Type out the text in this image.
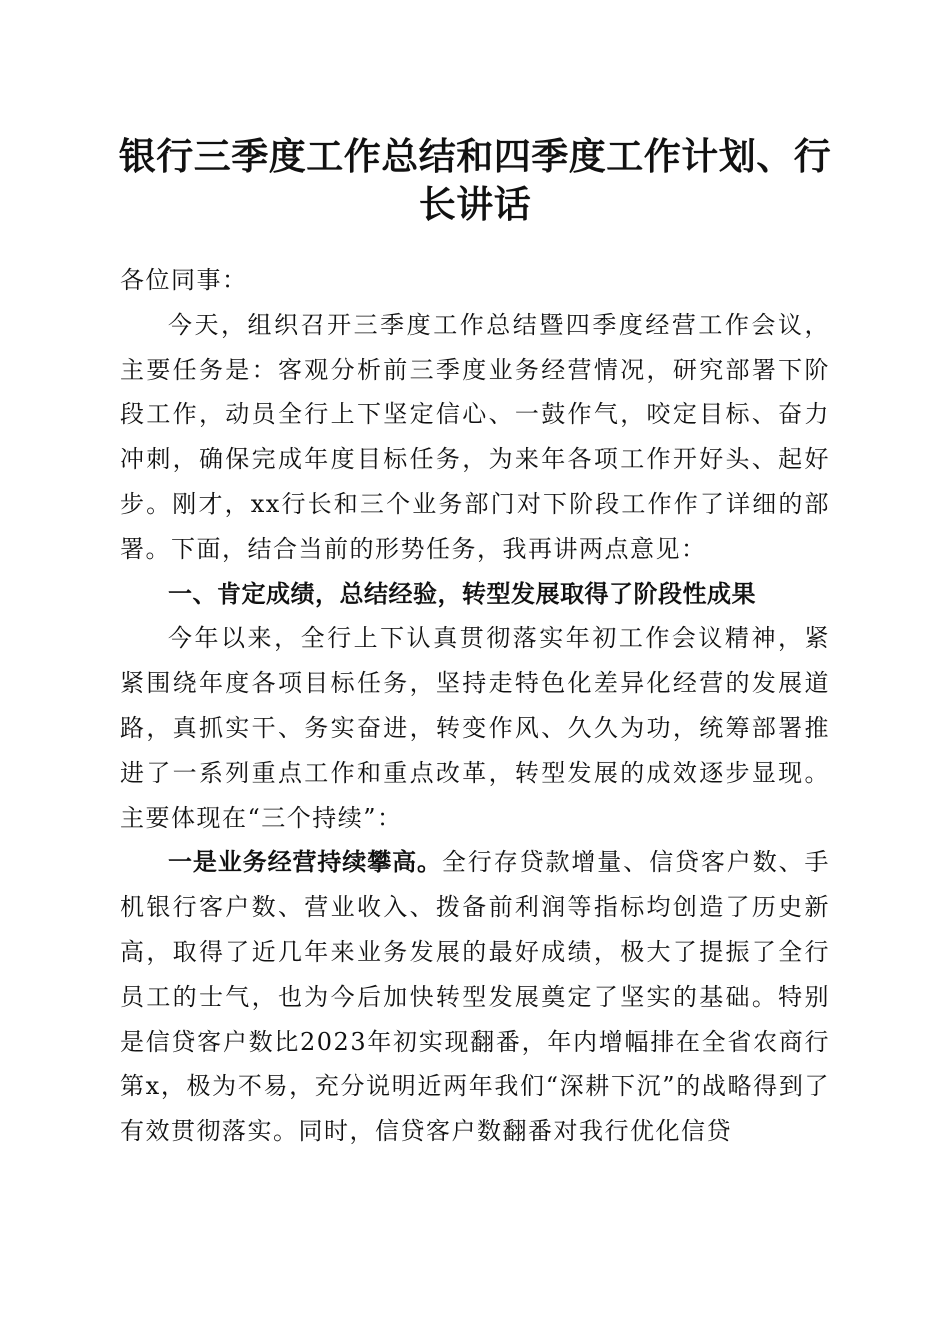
银行三季度工作总结和四季度工作计划、行长讲话

各位同事：

今天，组织召开三季度工作总结暨四季度经营工作会议，主要任务是：客观分析前三季度业务经营情况，研究部署下阶段工作，动员全行上下坚定信心、一鼓作气，咬定目标、奋力冲刺，确保完成年度目标任务，为来年各项工作开好头、起好步。刚才，xx行长和三个业务部门对下阶段工作作了详细的部署。下面，结合当前的形势任务，我再讲两点意见：

一、肯定成绩，总结经验，转型发展取得了阶段性成果

今年以来，全行上下认真贯彻落实年初工作会议精神，紧紧围绕年度各项目标任务，坚持走特色化差异化经营的发展道路，真抓实干、务实奋进，转变作风、久久为功，统筹部署推进了一系列重点工作和重点改革，转型发展的成效逐步显现。主要体现在“三个持续”：

一是业务经营持续攀高。全行存贷款增量、信贷客户数、手机银行客户数、营业收入、拨备前利润等指标均创造了历史新高，取得了近几年来业务发展的最好成绩，极大了提振了全行员工的士气，也为今后加快转型发展奠定了坚实的基础。特别是信贷客户数比2023年初实现翻番，年内增幅排在全省农商行第x，极为不易，充分说明近两年我们“深耕下沉”的战略得到了有效贯彻落实。同时，信贷客户数翻番对我行优化信贷
